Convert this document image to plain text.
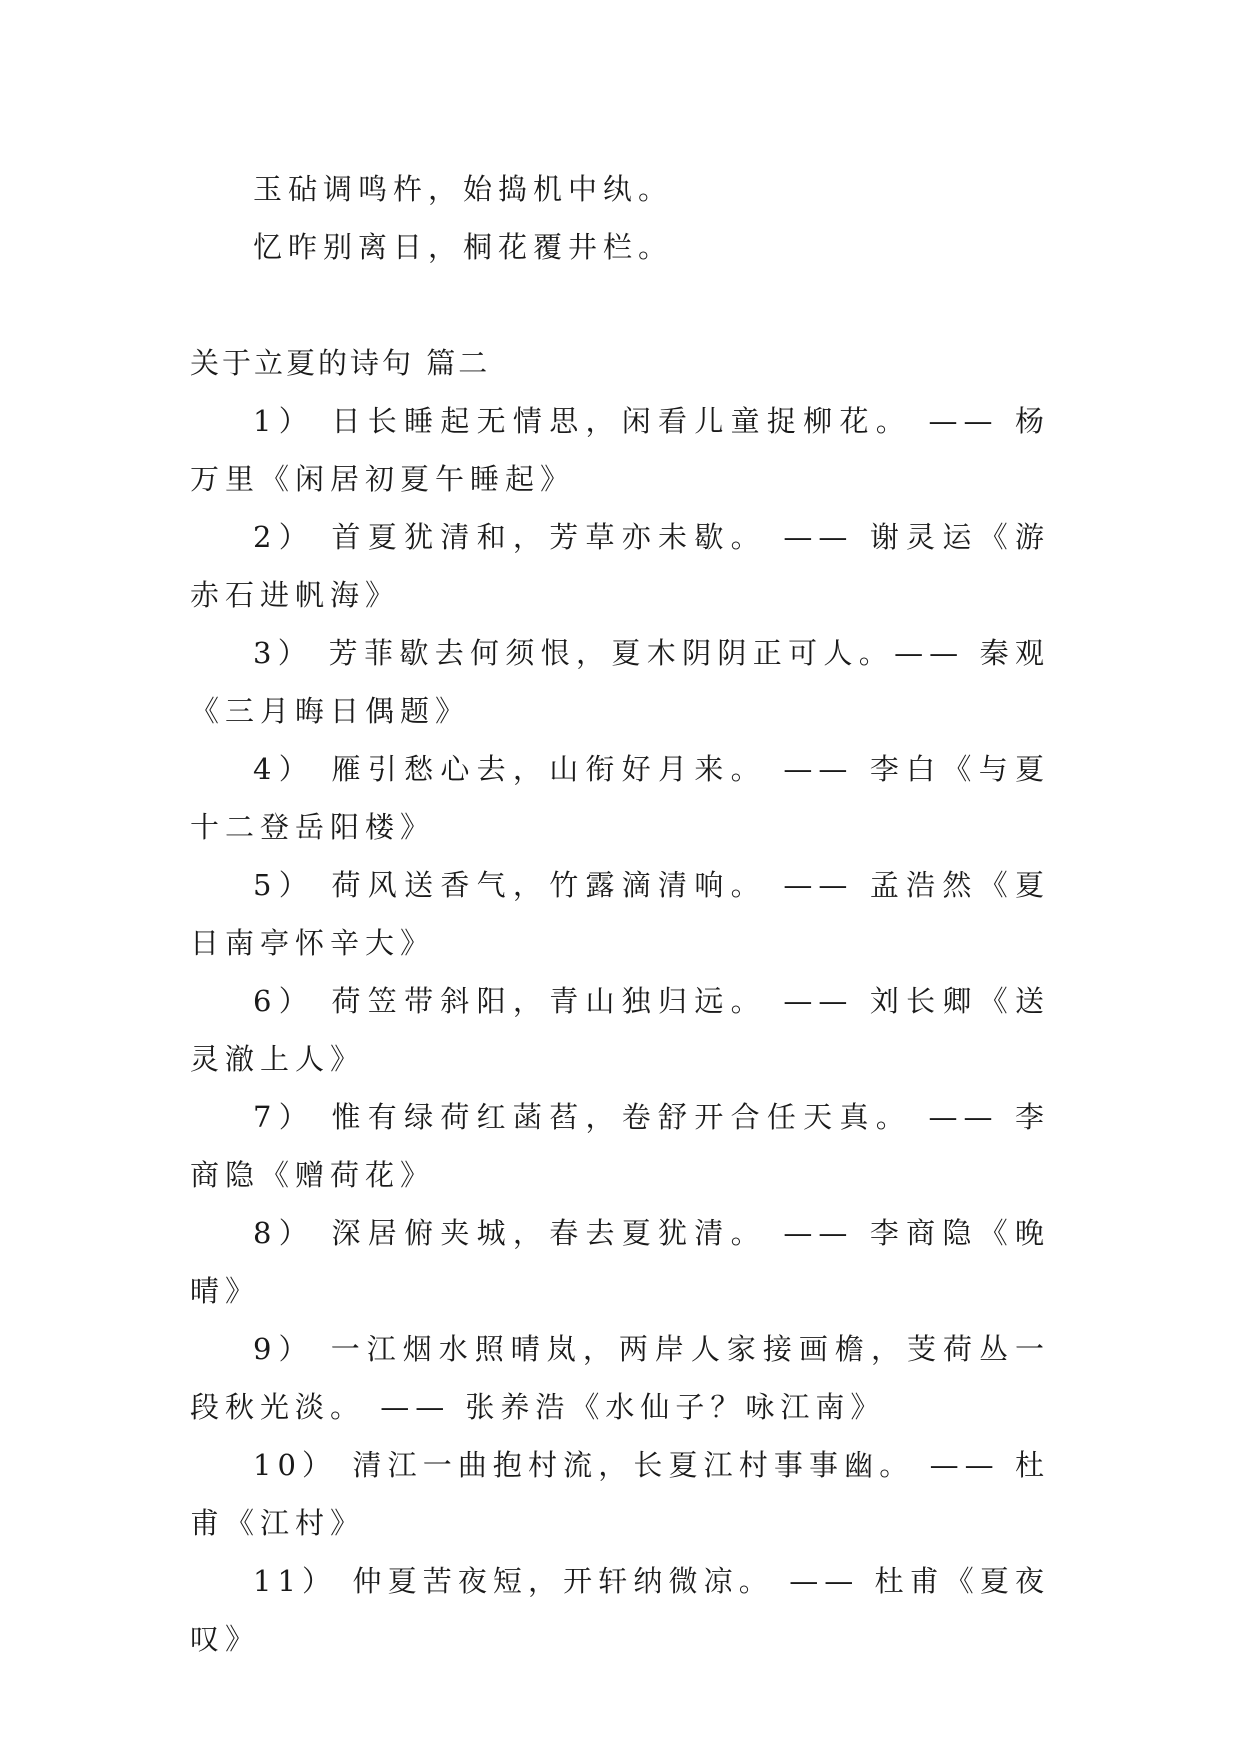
玉砧调鸣杵，始捣机中纨。
忆昨别离日，桐花覆井栏。
关于立夏的诗句 篇二
1） 日长睡起无情思，闲看儿童捉柳花。 —— 杨万里《闲居初夏午睡起》
2） 首夏犹清和，芳草亦未歇。 —— 谢灵运《游赤石进帆海》
3） 芳菲歇去何须恨，夏木阴阴正可人。—— 秦观《三月晦日偶题》
4） 雁引愁心去，山衔好月来。 —— 李白《与夏十二登岳阳楼》
5） 荷风送香气，竹露滴清响。 —— 孟浩然《夏日南亭怀辛大》
6） 荷笠带斜阳，青山独归远。 —— 刘长卿《送灵澈上人》
7） 惟有绿荷红菡萏，卷舒开合任天真。 —— 李商隐《赠荷花》
8） 深居俯夹城，春去夏犹清。 —— 李商隐《晚晴》
9） 一江烟水照晴岚，两岸人家接画檐，芰荷丛一段秋光淡。 —— 张养浩《水仙子？咏江南》
10） 清江一曲抱村流，长夏江村事事幽。 —— 杜甫《江村》
11） 仲夏苦夜短，开轩纳微凉。 —— 杜甫《夏夜叹》
